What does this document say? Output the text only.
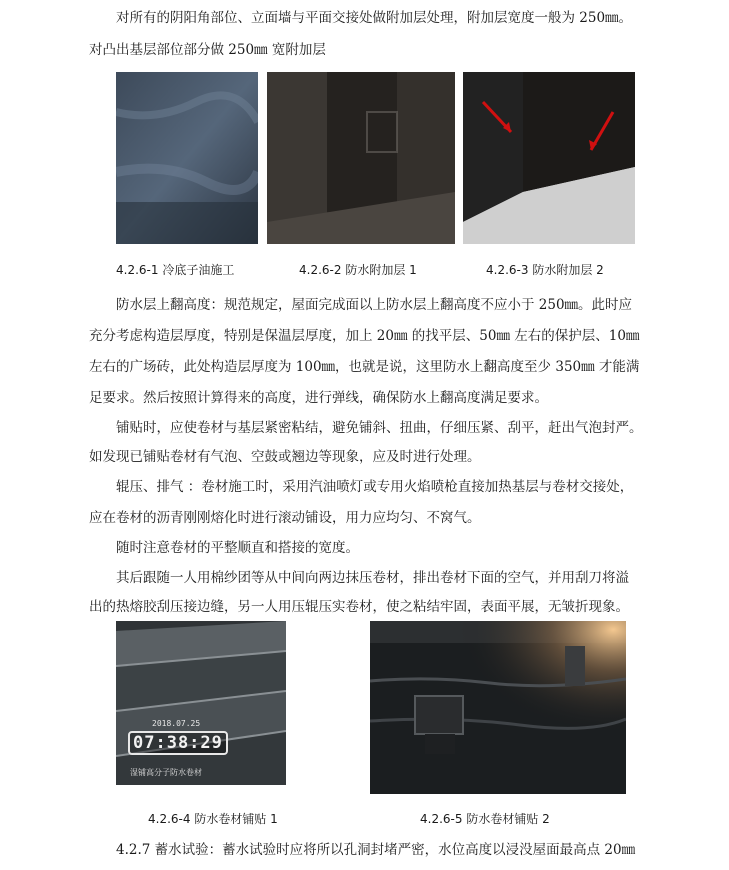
对所有的阴阳角部位、立面墙与平面交接处做附加层处理，附加层宽度一般为 250㎜。
对凸出基层部位部分做 250㎜ 宽附加层
4.2.6-1 冷底子油施工	4.2.6-2 防水附加层 1	4.2.6-3 防水附加层 2
防水层上翻高度：规范规定，屋面完成面以上防水层上翻高度不应小于 250㎜。此时应
充分考虑构造层厚度，特别是保温层厚度，加上 20㎜ 的找平层、50㎜ 左右的保护层、10㎜
左右的广场砖，此处构造层厚度为 100㎜，也就是说，这里防水上翻高度至少 350㎜ 才能满
足要求。然后按照计算得来的高度，进行弹线，确保防水上翻高度满足要求。
铺贴时，应使卷材与基层紧密粘结，避免铺斜、扭曲，仔细压紧、刮平，赶出气泡封严。
如发现已铺贴卷材有气泡、空鼓或翘边等现象，应及时进行处理。
辊压、排气 ：卷材施工时，采用汽油喷灯或专用火焰喷枪直接加热基层与卷材交接处，
应在卷材的沥青刚刚熔化时进行滚动铺设，用力应均匀、不窝气。
随时注意卷材的平整顺直和搭接的宽度。
其后跟随一人用棉纱团等从中间向两边抹压卷材，排出卷材下面的空气，并用刮刀将溢
出的热熔胶刮压接边缝，另一人用压辊压实卷材，使之粘结牢固，表面平展，无皱折现象。
2018.07.25
07:38:29
湿铺高分子防水卷材
4.2.6-4 防水卷材铺贴 1	4.2.6-5 防水卷材铺贴 2
4.2.7 蓄水试验：蓄水试验时应将所以孔洞封堵严密，水位高度以浸没屋面最高点 20㎜
